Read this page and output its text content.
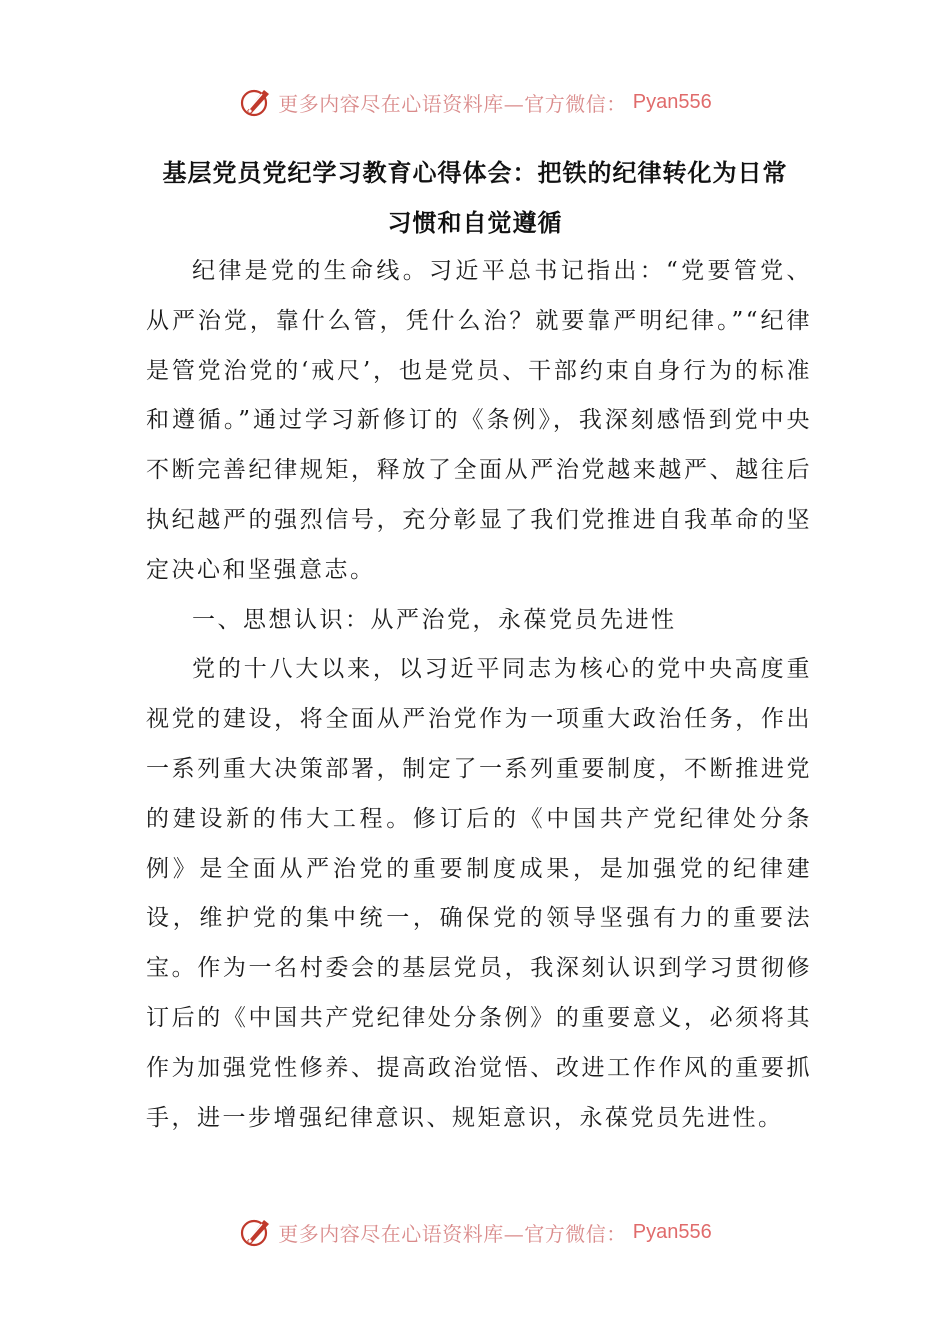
更多内容尽在心语资料库—官方微信： Pyan556
基层党员党纪学习教育心得体会：把铁的纪律转化为日常
习惯和自觉遵循

纪律是党的生命线。习近平总书记指出：“党要管党、从严治党，靠什么管，凭什么治？就要靠严明纪律。”“纪律是管党治党的‘戒尺’，也是党员、干部约束自身行为的标准和遵循。”通过学习新修订的《条例》，我深刻感悟到党中央不断完善纪律规矩，释放了全面从严治党越来越严、越往后执纪越严的强烈信号，充分彰显了我们党推进自我革命的坚定决心和坚强意志。

一、思想认识：从严治党，永葆党员先进性

党的十八大以来，以习近平同志为核心的党中央高度重视党的建设，将全面从严治党作为一项重大政治任务，作出一系列重大决策部署，制定了一系列重要制度，不断推进党的建设新的伟大工程。修订后的《中国共产党纪律处分条例》是全面从严治党的重要制度成果，是加强党的纪律建设，维护党的集中统一，确保党的领导坚强有力的重要法宝。作为一名村委会的基层党员，我深刻认识到学习贯彻修订后的《中国共产党纪律处分条例》的重要意义，必须将其作为加强党性修养、提高政治觉悟、改进工作作风的重要抓手，进一步增强纪律意识、规矩意识，永葆党员先进性。

更多内容尽在心语资料库—官方微信： Pyan556
